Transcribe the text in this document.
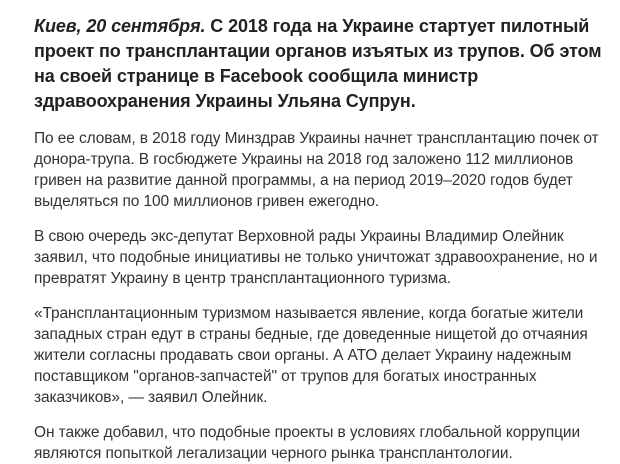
Киев, 20 сентября. С 2018 года на Украине стартует пилотный проект по трансплантации органов изъятых из трупов. Об этом на своей странице в Facebook сообщила министр здравоохранения Украины Ульяна Супрун.

По ее словам, в 2018 году Минздрав Украины начнет трансплантацию почек от донора-трупа. В госбюджете Украины на 2018 год заложено 112 миллионов гривен на развитие данной программы, а на период 2019–2020 годов будет выделяться по 100 миллионов гривен ежегодно.

В свою очередь экс-депутат Верховной рады Украины Владимир Олейник заявил, что подобные инициативы не только уничтожат здравоохранение, но и превратят Украину в центр трансплантационного туризма.

«Трансплантационным туризмом называется явление, когда богатые жители западных стран едут в страны бедные, где доведенные нищетой до отчаяния жители согласны продавать свои органы. А АТО делает Украину надежным поставщиком "органов-запчастей" от трупов для богатых иностранных заказчиков», — заявил Олейник.

Он также добавил, что подобные проекты в условиях глобальной коррупции являются попыткой легализации черного рынка трансплантологии.
